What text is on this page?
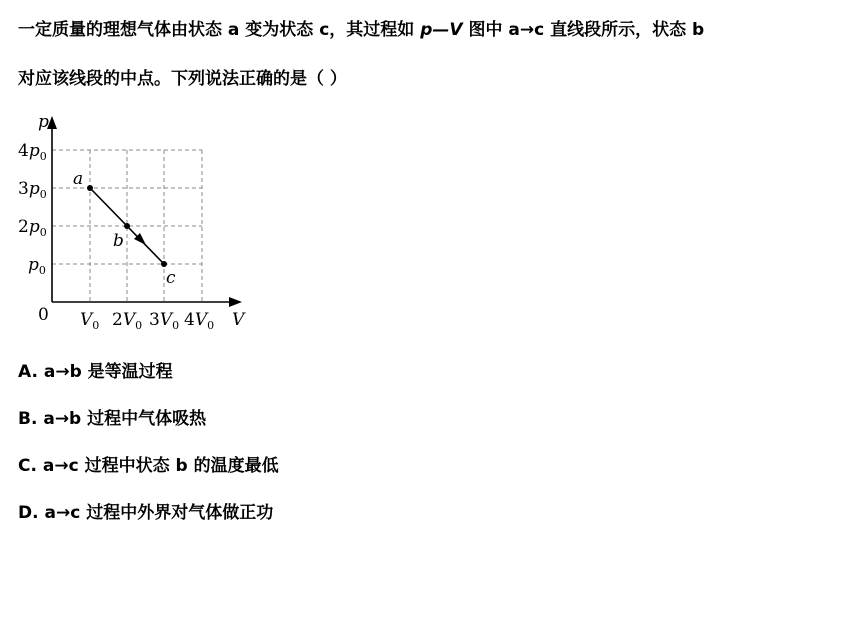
一定质量的理想气体由状态 a 变为状态 c，其过程如 p—V 图中 a→c 直线段所示，状态 b
对应该线段的中点。下列说法正确的是（ ）
p
V
0
$4p_0$
$3p_0$
$2p_0$
$p_0$
$V_0$ $2V_0$ $3V_0$ $4V_0$
a
b
c
A. a→b 是等温过程
B. a→b 过程中气体吸热
C. a→c 过程中状态 b 的温度最低
D. a→c 过程中外界对气体做正功
